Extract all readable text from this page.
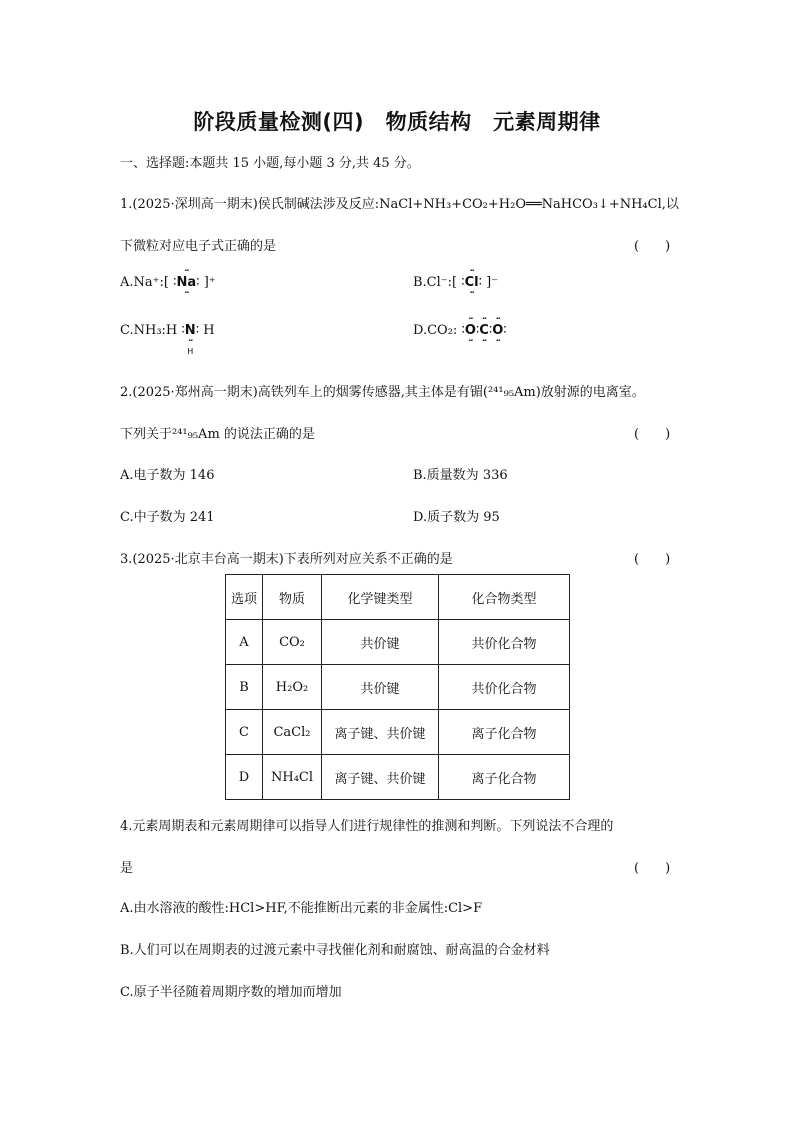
阶段质量检测(四)　物质结构　元素周期律
一、选择题:本题共 15 小题,每小题 3 分,共 45 分。
1.(2025·深圳高一期末)侯氏制碱法涉及反应:NaCl+NH₃+CO₂+H₂O══NaHCO₃↓+NH₄Cl,以
下微粒对应电子式正确的是	(　　)
A.Na⁺:[ ∶
··
Na
··
∶ ]⁺	B.Cl⁻:[ ∶
··
Cl
··
∶ ]⁻
C.NH₃:H ∶N
··
H
∶ H	D.CO₂: ∶
··
O
··
∶
··
C
··
∶
··
O
··
∶
2.(2025·郑州高一期末)高铁列车上的烟雾传感器,其主体是有镅(²⁴¹₉₅Am)放射源的电离室。
下列关于²⁴¹₉₅Am 的说法正确的是	(　　)
A.电子数为 146	B.质量数为 336
C.中子数为 241	D.质子数为 95
3.(2025·北京丰台高一期末)下表所列对应关系不正确的是	(　　)
选项	物质	化学键类型	化合物类型
A	CO₂	共价键	共价化合物
B	H₂O₂	共价键	共价化合物
C	CaCl₂	离子键、共价键	离子化合物
D	NH₄Cl	离子键、共价键	离子化合物
4.元素周期表和元素周期律可以指导人们进行规律性的推测和判断。下列说法不合理的
是	(　　)
A.由水溶液的酸性:HCl>HF,不能推断出元素的非金属性:Cl>F
B.人们可以在周期表的过渡元素中寻找催化剂和耐腐蚀、耐高温的合金材料
C.原子半径随着周期序数的增加而增加
